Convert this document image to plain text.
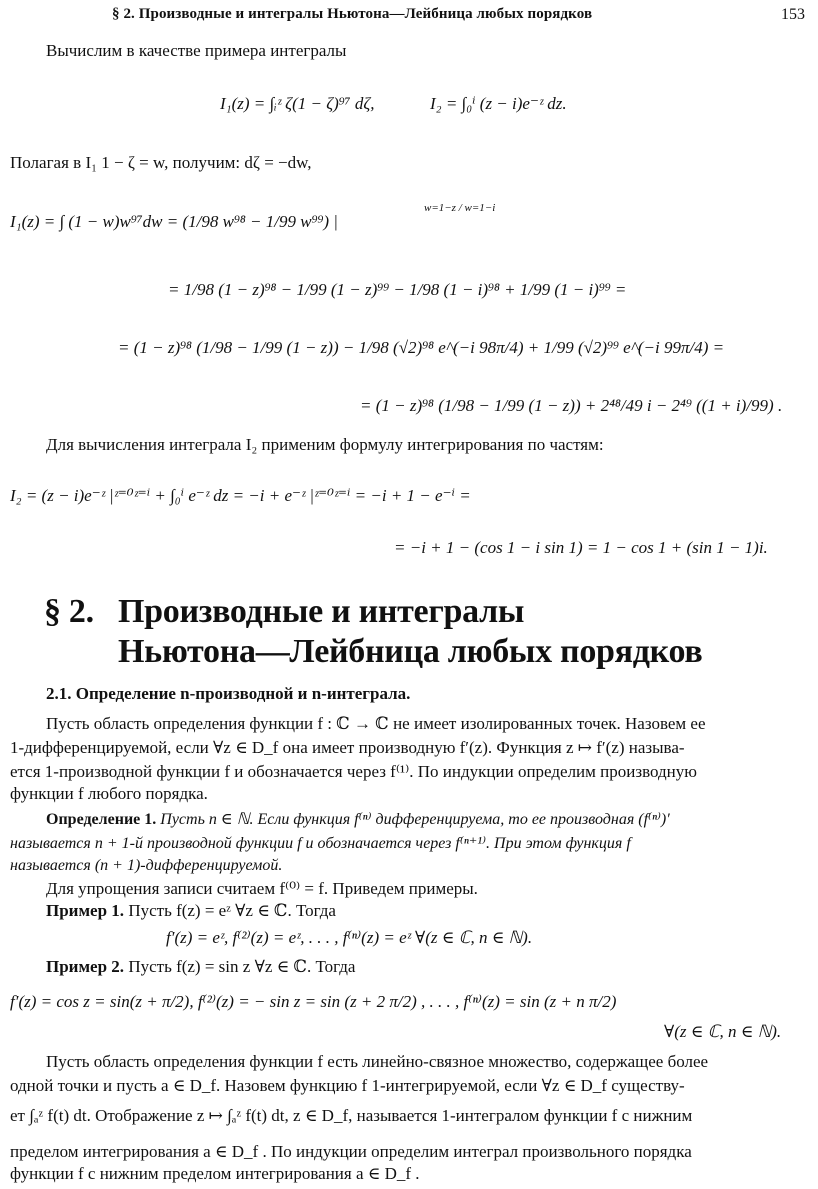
§ 2. Производные и интегралы Ньютона—Лейбница любых порядков	153
Вычислим в качестве примера интегралы
I₁(z) = ∫ᵢᶻ ζ(1 − ζ)⁹⁷ dζ,	I₂ = ∫₀ⁱ (z − i)e⁻ᶻ dz.
Полагая в I₁ 1 − ζ = w, получим: dζ = −dw,
I₁(z) = ∫ (1 − w)w⁹⁷dw = (1/98 w⁹⁸ − 1/99 w⁹⁹) |
w=1−z / w=1−i
= 1/98 (1 − z)⁹⁸ − 1/99 (1 − z)⁹⁹ − 1/98 (1 − i)⁹⁸ + 1/99 (1 − i)⁹⁹ =
= (1 − z)⁹⁸ (1/98 − 1/99 (1 − z)) − 1/98 (√2)⁹⁸ e^(−i 98π/4) + 1/99 (√2)⁹⁹ e^(−i 99π/4) =
= (1 − z)⁹⁸ (1/98 − 1/99 (1 − z)) + 2⁴⁸/49 i − 2⁴⁹ ((1 + i)/99) .
Для вычисления интеграла I₂ применим формулу интегрирования по частям:
I₂ = (z − i)e⁻ᶻ |ᶻ⁼⁰ᶻ⁼ⁱ + ∫₀ⁱ e⁻ᶻ dz = −i + e⁻ᶻ |ᶻ⁼⁰ᶻ⁼ⁱ = −i + 1 − e⁻ⁱ =
= −i + 1 − (cos 1 − i sin 1) = 1 − cos 1 + (sin 1 − 1)i.
§ 2. Производные и интегралы
Ньютона—Лейбница любых порядков
2.1. Определение n-производной и n-интеграла.
Пусть область определения функции f : ℂ → ℂ не имеет изолированных точек. Назовем ее
1-дифференцируемой, если ∀z ∈ D_f она имеет производную f′(z). Функция z ↦ f′(z) называ-
ется 1-производной функции f и обозначается через f⁽¹⁾. По индукции определим производную
функции f любого порядка.
Определение 1. Пусть n ∈ ℕ. Если функция f⁽ⁿ⁾ дифференцируема, то ее производная (f⁽ⁿ⁾)′
называется n + 1-й производной функции f и обозначается через f⁽ⁿ⁺¹⁾. При этом функция f
называется (n + 1)-дифференцируемой.
Для упрощения записи считаем f⁽⁰⁾ = f. Приведем примеры.
Пример 1. Пусть f(z) = eᶻ ∀z ∈ ℂ. Тогда
f′(z) = eᶻ, f⁽²⁾(z) = eᶻ, . . . , f⁽ⁿ⁾(z) = eᶻ ∀(z ∈ ℂ, n ∈ ℕ).
Пример 2. Пусть f(z) = sin z ∀z ∈ ℂ. Тогда
f′(z) = cos z = sin(z + π/2), f⁽²⁾(z) = − sin z = sin (z + 2 π/2) , . . . , f⁽ⁿ⁾(z) = sin (z + n π/2)
∀(z ∈ ℂ, n ∈ ℕ).
Пусть область определения функции f есть линейно-связное множество, содержащее более
одной точки и пусть a ∈ D_f. Назовем функцию f 1-интегрируемой, если ∀z ∈ D_f существу-
ет ∫ₐᶻ f(t) dt. Отображение z ↦ ∫ₐᶻ f(t) dt, z ∈ D_f, называется 1-интегралом функции f с нижним
пределом интегрирования a ∈ D_f . По индукции определим интеграл произвольного порядка
функции f с нижним пределом интегрирования a ∈ D_f .
